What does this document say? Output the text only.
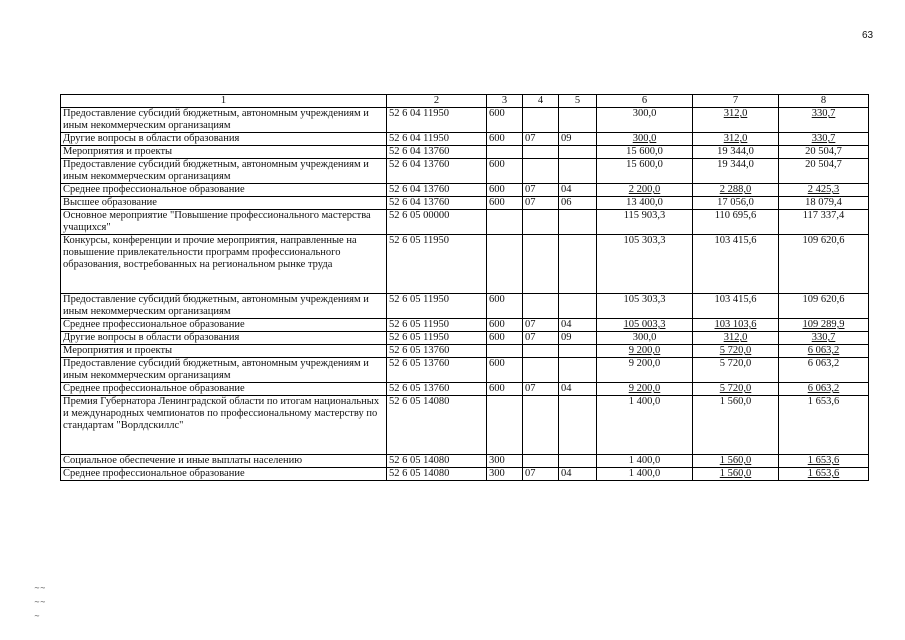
63
1	2	3	4	5	6	7	8
Предоставление субсидий бюджетным, автономным учреждениям и иным некоммерческим организациям	52 6 04 11950	600			300,0	312,0	330,7
Другие вопросы в области образования	52 6 04 11950	600	07	09	300,0	312,0	330,7
Мероприятия и проекты	52 6 04 13760				15 600,0	19 344,0	20 504,7
Предоставление субсидий бюджетным, автономным учреждениям и иным некоммерческим организациям	52 6 04 13760	600			15 600,0	19 344,0	20 504,7
Среднее профессиональное образование	52 6 04 13760	600	07	04	2 200,0	2 288,0	2 425,3
Высшее образование	52 6 04 13760	600	07	06	13 400,0	17 056,0	18 079,4
Основное мероприятие "Повышение профессионального мастерства учащихся"	52 6 05 00000				115 903,3	110 695,6	117 337,4
Конкурсы, конференции и прочие мероприятия, направленные на повышение привлекательности программ профессионального образования, востребованных на региональном рынке труда	52 6 05 11950				105 303,3	103 415,6	109 620,6
Предоставление субсидий бюджетным, автономным учреждениям и иным некоммерческим организациям	52 6 05 11950	600			105 303,3	103 415,6	109 620,6
Среднее профессиональное образование	52 6 05 11950	600	07	04	105 003,3	103 103,6	109 289,9
Другие вопросы в области образования	52 6 05 11950	600	07	09	300,0	312,0	330,7
Мероприятия и проекты	52 6 05 13760				9 200,0	5 720,0	6 063,2
Предоставление субсидий бюджетным, автономным учреждениям и иным некоммерческим организациям	52 6 05 13760	600			9 200,0	5 720,0	6 063,2
Среднее профессиональное образование	52 6 05 13760	600	07	04	9 200,0	5 720,0	6 063,2
Премия Губернатора Ленинградской области по итогам национальных и международных чемпионатов по профессиональному мастерству по стандартам "Ворлдскиллс"	52 6 05 14080				1 400,0	1 560,0	1 653,6
Социальное обеспечение и иные выплаты населению	52 6 05 14080	300			1 400,0	1 560,0	1 653,6
Среднее профессиональное образование	52 6 05 14080	300	07	04	1 400,0	1 560,0	1 653,6
∼∼
∼∼
∼
